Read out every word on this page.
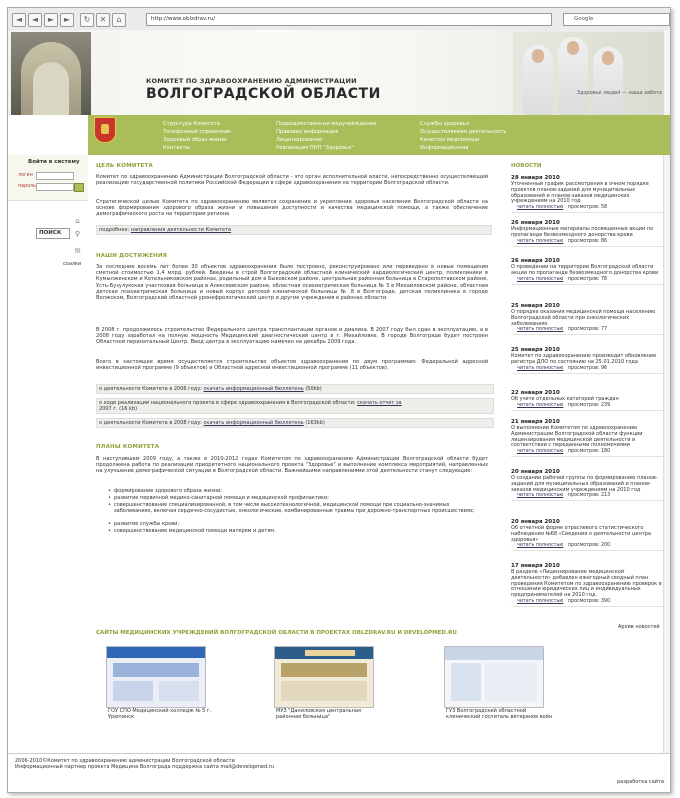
◄	◄	►	►	↻	✕	⌂	http://www.oblzdrav.ru/	Google
КОМИТЕТ ПО ЗДРАВООХРАНЕНИЮ АДМИНИСТРАЦИИ
ВОЛГОГРАДСКОЙ ОБЛАСТИ	Здоровье людей — наша забота
Структура Комитета
Телефонный справочник
Здоровый образ жизни
Контакты
Подведомственные медучреждения
Правовая информация
Лицензирование
Реализация ПНП "Здоровье"
Службы здоровья
Осуществляемая деятельность
Качество медпомощи
Информационная
Войти в систему
логин
пароль
ПОИСК
⌂
⚲
✉
ссылки
ЦЕЛЬ КОМИТЕТА
Комитет по здравоохранению Администрации Волгоградской области - это орган исполнительной власти, непосредственно осуществляющий реализацию государственной политики Российской Федерации в сфере здравоохранения на территории Волгоградской области.
Стратегической целью Комитета по здравоохранению является сохранение и укрепление здоровья населения Волгоградской области на основе формирования здорового образа жизни и повышения доступности и качества медицинской помощи, а также обеспечение демографического роста на территории региона
подробнее: направления деятельности Комитета
НАШИ ДОСТИЖЕНИЯ
За последние восемь лет более 30 объектов здравоохранения было построено, реконструировано или переведено в новые помещения сметной стоимостью 1,4 млрд. рублей. Введены в строй Волгоградский областной клинический кардиологический центр, поликлиники в Кумылженском и Котельниковском районах, родильный дом в Быковском районе, центральная районная больница в Старополтавском районе, Усть-Бузулукская участковая больница в Алексеевском районе, областная психиатрическая больница № 3 в Михайловском районе, областная детская психиатрическая больница и новый корпус детской клинической больницы № 8 в Волгограде, детская поликлиника в городе Волжском, Волгоградский областной уронефрологический центр и другие учреждения в районах области.
В 2008 г. продолжилось строительство Федерального центра трансплантации органов и диализа. В 2007 году был сдан в эксплуатацию, а в 2008 году заработал на полную мощность Медицинский диагностический центр в г. Михайловке. В городе Волгограде будет построен Областной перинатальный Центр. Ввод центра в эксплуатацию намечен на декабрь 2009 года.
Всего в настоящее время осуществляется строительство объектов здравоохранения по двум программам: Федеральной адресной инвестиционной программе (9 объектов) и Областной адресной инвестиционной программе (11 объектов).
о деятельности Комитета в 2006 году: скачать информационный бюллетень (50kb)
о ходе реализации национального проекта в сфере здравоохранения в Волгоградской области: скачать отчет за
2007 г. (16 kb)
о деятельности Комитета в 2008 году: скачать информационный бюллетень (163kb)
ПЛАНЫ КОМИТЕТА
В наступившем 2009 году, а также в 2010-2012 годах Комитетом по здравоохранению Администрации Волгоградской области будет продолжена работа по реализации приоритетного национального проекта "Здоровье" и выполнение комплекса мероприятий, направленных на улучшение демографической ситуации в Волгоградской области. Важнейшими направлениями этой деятельности станут следующие:
• формирование здорового образа жизни;
• развитие первичной медико-санитарной помощи и медицинской профилактики;
• совершенствование специализированной, в том числе высокотехнологичной, медицинской помощи при социально-значимых заболеваниях, включая сердечно-сосудистые, онкологические, комбинированные травмы при дорожно-транспортных происшествиях;
• развитие службы крови;
• совершенствование медицинской помощи матерям и детям.
НОВОСТИ
28 января 2010
Уточненный график рассмотрения в очном порядке проектов планов-заданий для муниципальных образований и планов-заказов медицинских учреждениям на 2010 год
читать полностью просмотров: 58
26 января 2010
Информационные материалы посвященные акции по пропаганде безвозмездного донорства крови
читать полностью просмотров: 86
26 января 2010
О проведении на территории Волгоградской области акции по пропаганде безвозмездного донорства крови
читать полностью просмотров: 78
25 января 2010
О порядке оказания медицинской помощи населению Волгоградской области при онкологических заболеваниях
читать полностью просмотров: 77
25 января 2010
Комитет по здравоохранению производит обновление регистра ДЛО по состоянию на 25.01.2010 года
читать полностью просмотров: 96
22 января 2010
Об учете отдельных категорий граждан
читать полностью просмотров: 239
21 января 2010
О выполнении Комитетом по здравоохранению Администрации Волгоградской области функции лицензирования медицинской деятельности в соответствии с переданными полномочиями
читать полностью просмотров: 180
20 января 2010
О создании рабочей группы по формированию планов-заданий для муниципальных образований и планов-заказов медицинским учреждениям на 2010 год
читать полностью просмотров: 213
20 января 2010
Об отчетной форме отраслевого статистического наблюдения №68 «Сведения о деятельности центра здоровья»
читать полностью просмотров: 200
17 января 2010
В разделе «Лицензирование медицинской деятельности» добавлен ежегодный сводный план проведения Комитетом по здравоохранению проверок в отношении юридических лиц и индивидуальных предпринимателей на 2010 год.
читать полностью просмотров: 390
Архив новостей
САЙТЫ МЕДИЦИНСКИХ УЧРЕЖДЕНИЙ ВОЛГОГРАДСКОЙ ОБЛАСТИ В ПРОЕКТАХ OBLZDRAV.RU И DEVELOPMED.RU
ГОУ СПО Медицинский колледж № 5 г. Урюпинск
МУЗ "Даниловская центральная районная больница"
ГУЗ Волгоградский областной клинический госпиталь ветеранов войн
2006-2010©Комитет по здравоохранению администрации Волгоградской области
Информационный партнер проекта Медицина Волгограда поддержка сайта mail@developmed.ru
разработка сайта
